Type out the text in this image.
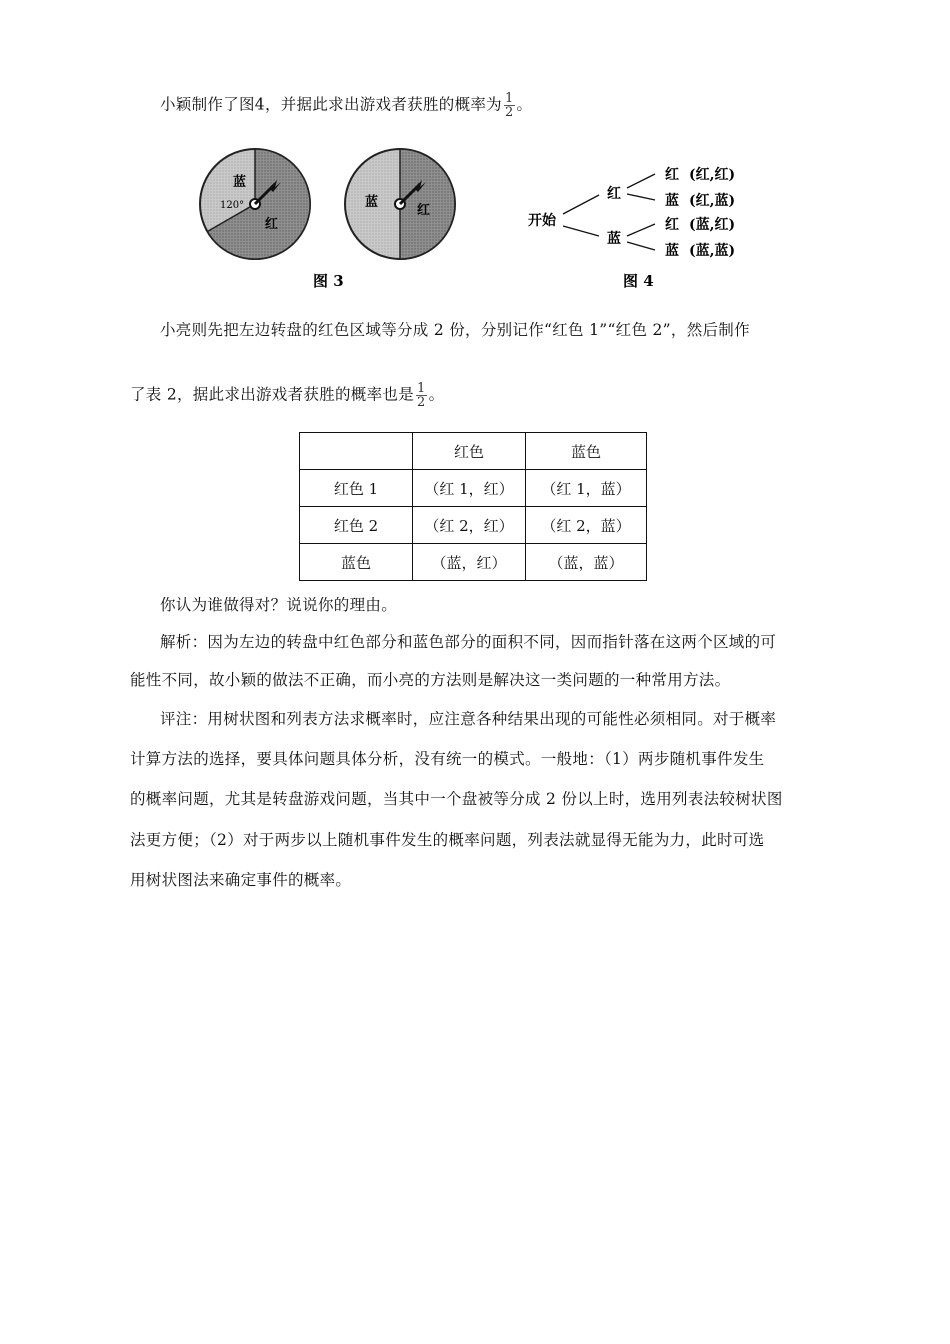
小颖制作了图4，并据此求出游戏者获胜的概率为 $\frac{1}{2}$ 。
蓝
120°
红
蓝
红
图 3
开始
红
蓝
红
蓝
红
蓝
(红,红)
(红,蓝)
(蓝,红)
(蓝,蓝)
图 4
小亮则先把左边转盘的红色区域等分成 2 份，分别记作“红色 1”“红色 2”，然后制作
了表 2，据此求出游戏者获胜的概率也是 $\frac{1}{2}$ 。
	红色	蓝色
红色 1	（红 1，红）	（红 1，蓝）
红色 2	（红 2，红）	（红 2，蓝）
蓝色	（蓝，红）	（蓝，蓝）
你认为谁做得对？说说你的理由。
解析：因为左边的转盘中红色部分和蓝色部分的面积不同，因而指针落在这两个区域的可
能性不同，故小颖的做法不正确，而小亮的方法则是解决这一类问题的一种常用方法。
评注：用树状图和列表方法求概率时，应注意各种结果出现的可能性必须相同。对于概率
计算方法的选择，要具体问题具体分析，没有统一的模式。一般地：（1）两步随机事件发生
的概率问题，尤其是转盘游戏问题，当其中一个盘被等分成 2 份以上时，选用列表法较树状图
法更方便；（2）对于两步以上随机事件发生的概率问题，列表法就显得无能为力，此时可选
用树状图法来确定事件的概率。
